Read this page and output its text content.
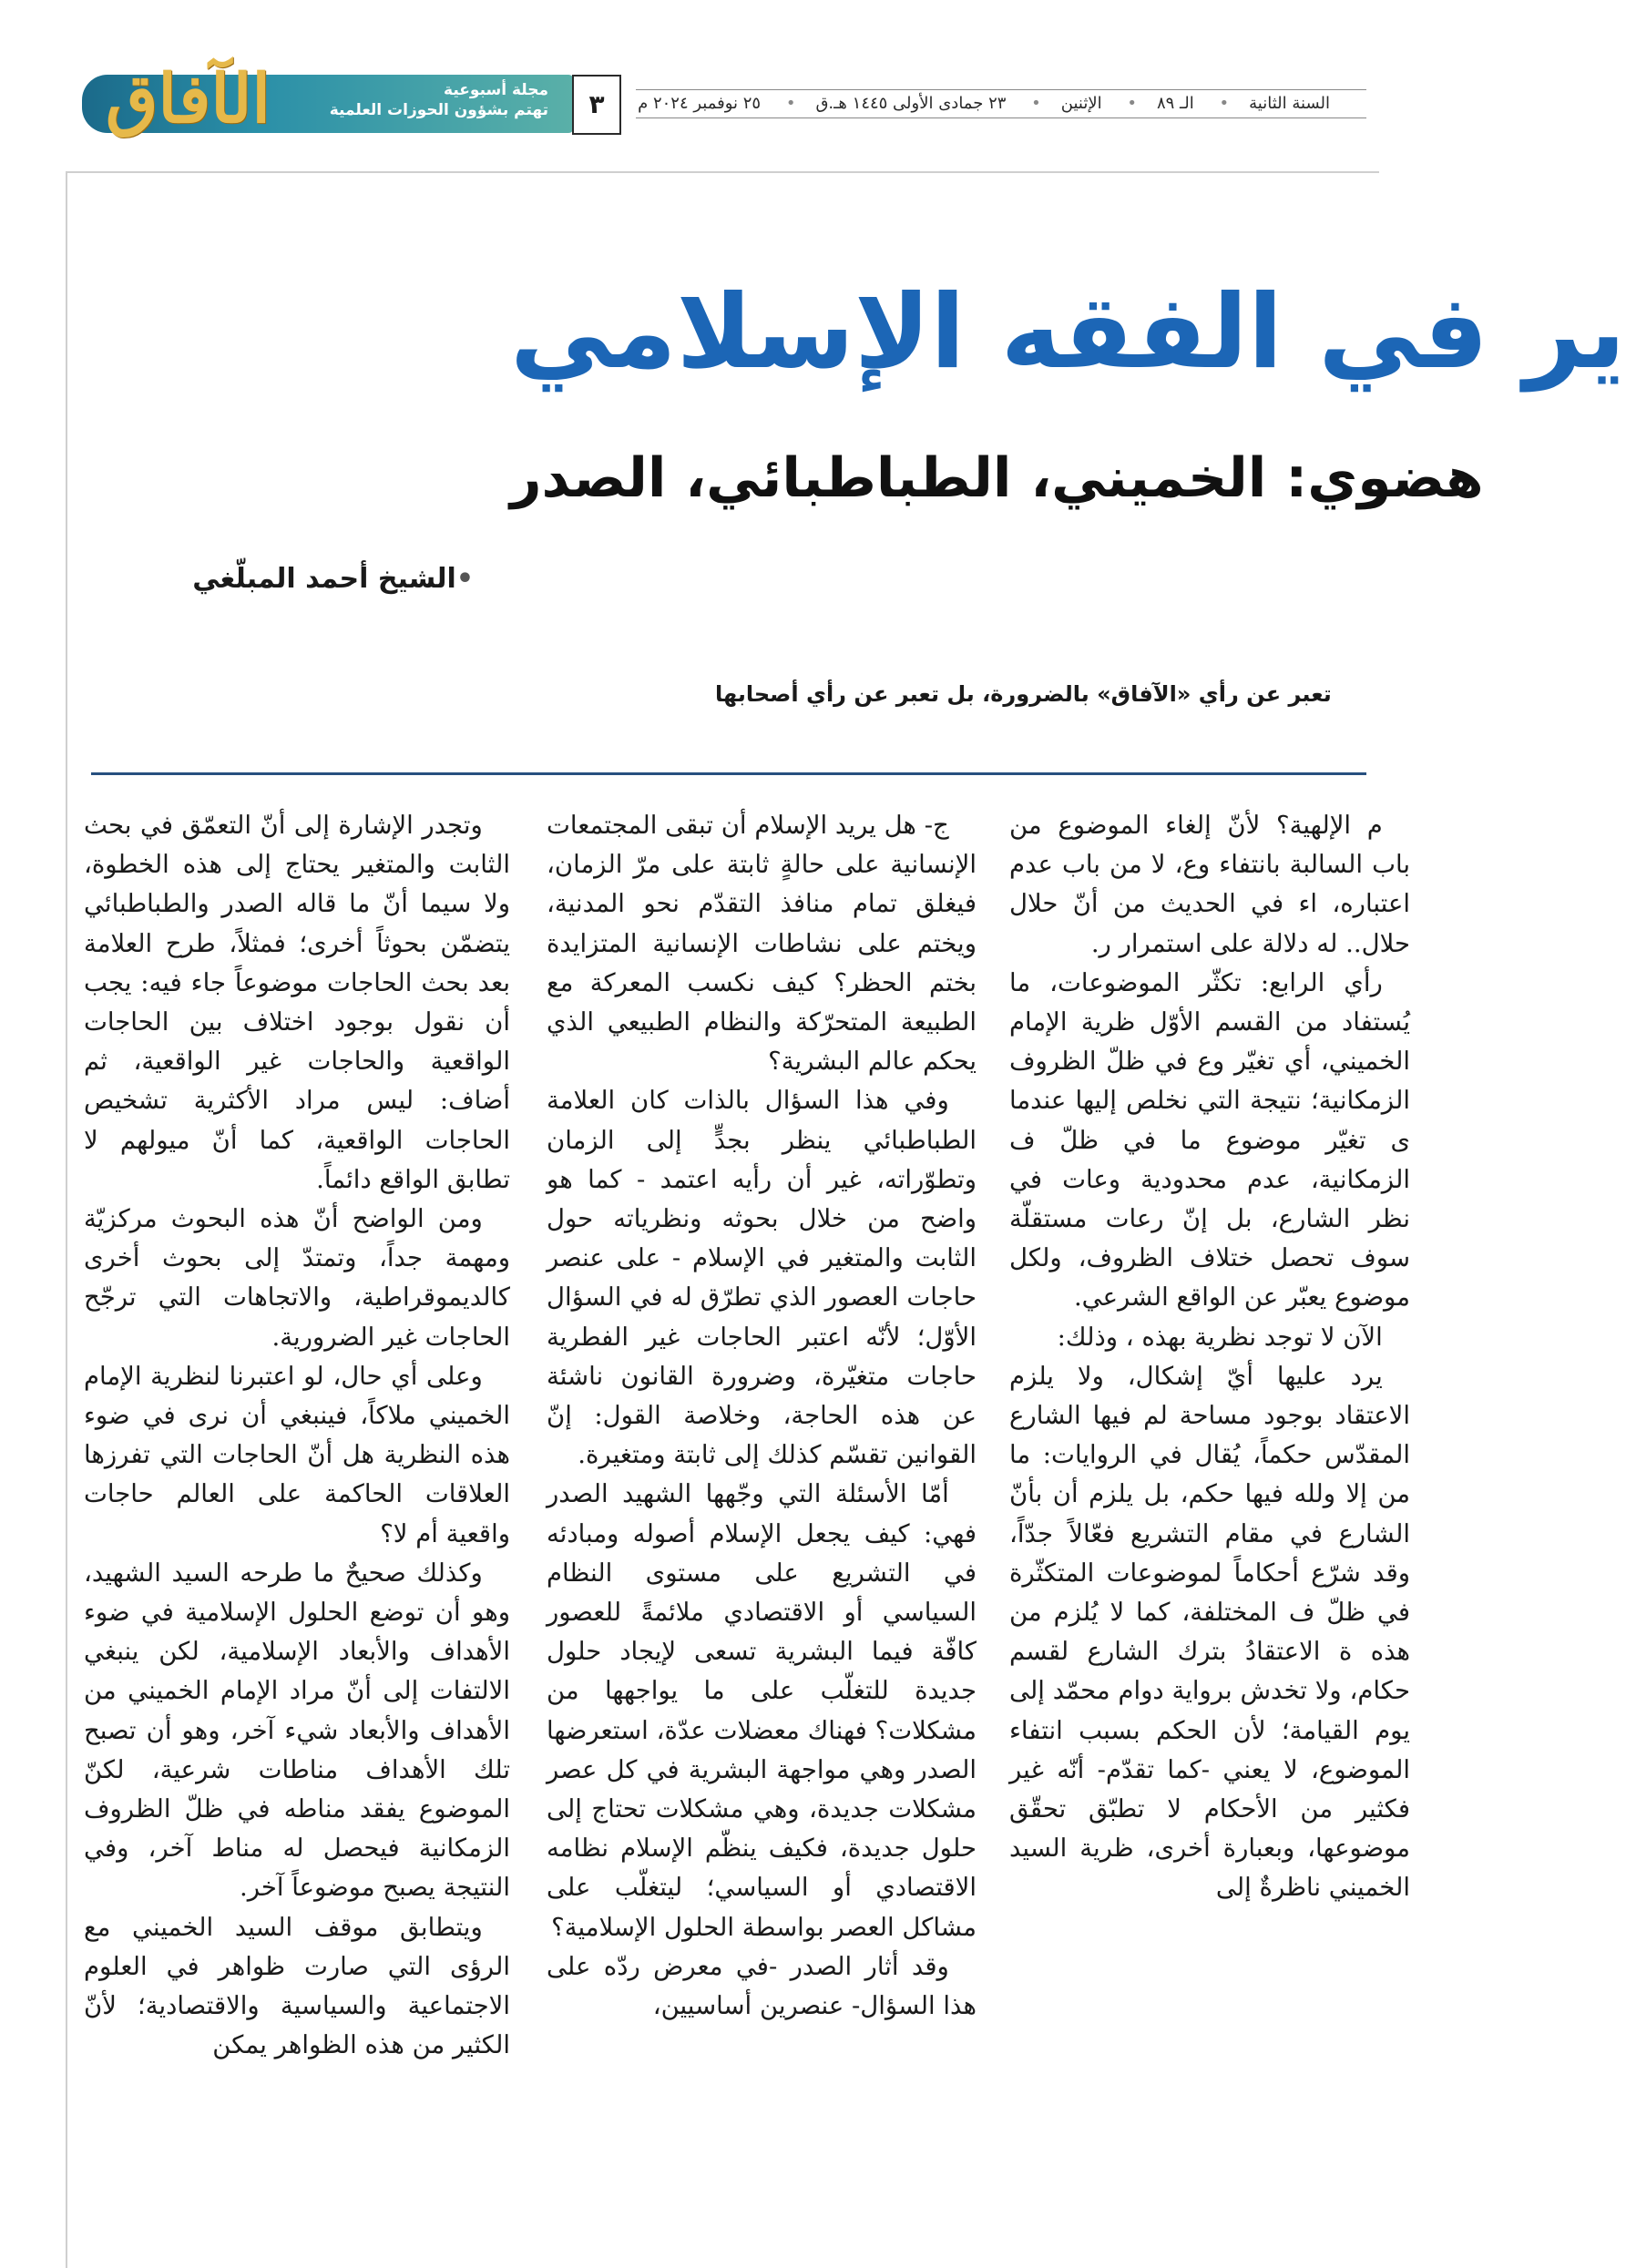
الآفاق	مجلة أسبوعية
تهتم بشؤون الحوزات العلمية	٣	السنة الثانية• الـ ٨٩• الإثنين• ٢٣ جمادى الأولى ١٤٤٥ هـ.ق• ٢٥ نوفمبر ٢٠٢٤ م
ير في الفقه الإسلامي
هضوي: الخميني، الطباطبائي، الصدر
•الشيخ أحمد المبلّغي
تعبر عن رأي «الآفاق» بالضرورة، بل تعبر عن رأي أصحابها

م الإلهية؟ لأنّ إلغاء الموضوع من باب السالبة بانتفاء وع، لا من باب عدم اعتباره، اء في الحديث من أنّ حلال حلال.. له دلالة على استمرار ر.

رأي الرابع: تكثّر الموضوعات، ما يُستفاد من القسم الأوّل ظرية الإمام الخميني، أي تغيّر وع في ظلّ الظروف الزمكانية؛ نتيجة التي نخلص إليها عندما ى تغيّر موضوع ما في ظلّ ف الزمكانية، عدم محدودية وعات في نظر الشارع، بل إنّ رعات مستقلّة سوف تحصل ختلاف الظروف، ولكل موضوع يعبّر عن الواقع الشرعي.

الآن لا توجد نظرية بهذه ، وذلك:

يرد عليها أيّ إشكال، ولا يلزم الاعتقاد بوجود مساحة لم فيها الشارع المقدّس حكماً، يُقال في الروايات: ما من إلا ولله فيها حكم، بل يلزم أن بأنّ الشارع في مقام التشريع فعّالاً جدّاً، وقد شرّع أحكاماً لموضوعات المتكثّرة في ظلّ ف المختلفة، كما لا يُلزم من هذه ة الاعتقادُ بترك الشارع لقسم حكام، ولا تخدش برواية دوام محمّد إلى يوم القيامة؛ لأن الحكم بسبب انتفاء الموضوع، لا يعني -كما تقدّم- أنّه غير فكثير من الأحكام لا تطبّق تحقّق موضوعها، وبعبارة أخرى، ظرية السيد الخميني ناظرةٌ إلى

ج- هل يريد الإسلام أن تبقى المجتمعات الإنسانية على حالةٍ ثابتة على مرّ الزمان، فيغلق تمام منافذ التقدّم نحو المدنية، ويختم على نشاطات الإنسانية المتزايدة بختم الحظر؟ كيف نكسب المعركة مع الطبيعة المتحرّكة والنظام الطبيعي الذي يحكم عالم البشرية؟

وفي هذا السؤال بالذات كان العلامة الطباطبائي ينظر بجدٍّ إلى الزمان وتطوّراته، غير أن رأيه اعتمد - كما هو واضح من خلال بحوثه ونظرياته حول الثابت والمتغير في الإسلام - على عنصر حاجات العصور الذي تطرّق له في السؤال الأوّل؛ لأنّه اعتبر الحاجات غير الفطرية حاجات متغيّرة، وضرورة القانون ناشئة عن هذه الحاجة، وخلاصة القول: إنّ القوانين تقسّم كذلك إلى ثابتة ومتغيرة.

أمّا الأسئلة التي وجّهها الشهيد الصدر فهي: كيف يجعل الإسلام أصوله ومبادئه في التشريع على مستوى النظام السياسي أو الاقتصادي ملائمةً للعصور كافّة فيما البشرية تسعى لإيجاد حلول جديدة للتغلّب على ما يواجهها من مشكلات؟ فهناك معضلات عدّة، استعرضها الصدر وهي مواجهة البشرية في كل عصر مشكلات جديدة، وهي مشكلات تحتاج إلى حلول جديدة، فكيف ينظّم الإسلام نظامه الاقتصادي أو السياسي؛ ليتغلّب على مشاكل العصر بواسطة الحلول الإسلامية؟

وقد أثار الصدر -في معرض ردّه على هذا السؤال- عنصرين أساسيين،

وتجدر الإشارة إلى أنّ التعمّق في بحث الثابت والمتغير يحتاج إلى هذه الخطوة، ولا سيما أنّ ما قاله الصدر والطباطبائي يتضمّن بحوثاً أخرى؛ فمثلاً، طرح العلامة بعد بحث الحاجات موضوعاً جاء فيه: يجب أن نقول بوجود اختلاف بين الحاجات الواقعية والحاجات غير الواقعية، ثم أضاف: ليس مراد الأكثرية تشخيص الحاجات الواقعية، كما أنّ ميولهم لا تطابق الواقع دائماً.

ومن الواضح أنّ هذه البحوث مركزيّة ومهمة جداً، وتمتدّ إلى بحوث أخرى كالديموقراطية، والاتجاهات التي ترجّح الحاجات غير الضرورية.

وعلى أي حال، لو اعتبرنا لنظرية الإمام الخميني ملاكاً، فينبغي أن نرى في ضوء هذه النظرية هل أنّ الحاجات التي تفرزها العلاقات الحاكمة على العالم حاجات واقعية أم لا؟

وكذلك صحيحٌ ما طرحه السيد الشهيد، وهو أن توضع الحلول الإسلامية في ضوء الأهداف والأبعاد الإسلامية، لكن ينبغي الالتفات إلى أنّ مراد الإمام الخميني من الأهداف والأبعاد شيء آخر، وهو أن تصبح تلك الأهداف مناطات شرعية، لكنّ الموضوع يفقد مناطه في ظلّ الظروف الزمكانية فيحصل له مناط آخر، وفي النتيجة يصبح موضوعاً آخر.

ويتطابق موقف السيد الخميني مع الرؤى التي صارت ظواهر في العلوم الاجتماعية والسياسية والاقتصادية؛ لأنّ الكثير من هذه الظواهر يمكن
